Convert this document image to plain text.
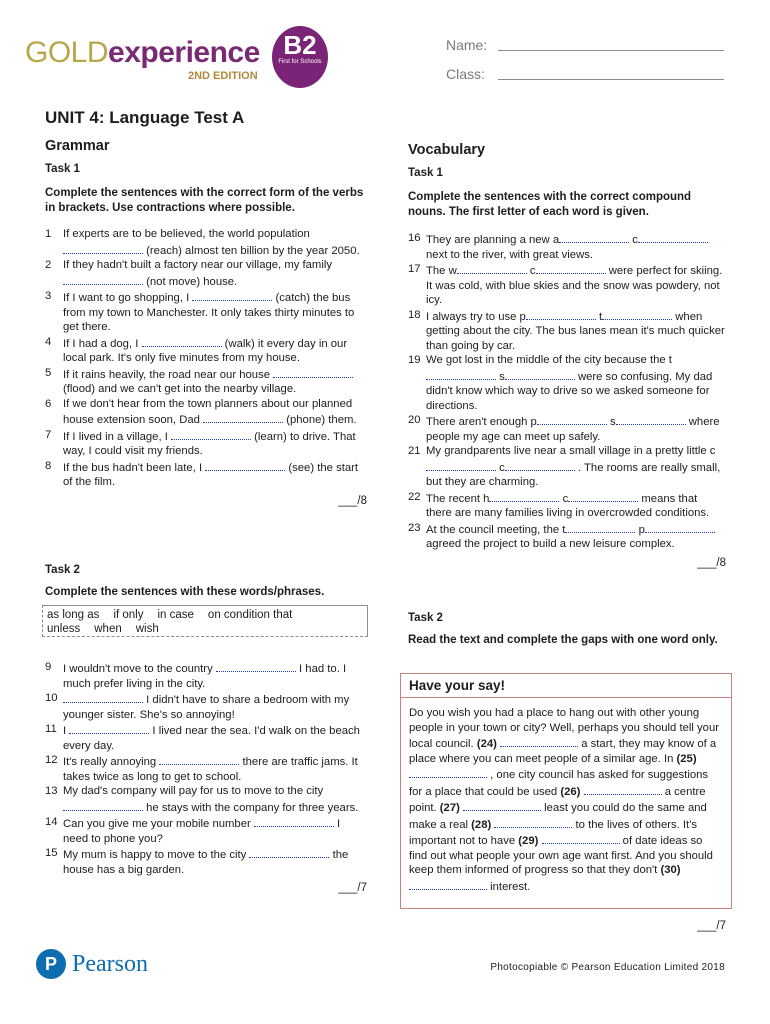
GOLDexperience
2ND EDITION
B2
First for Schools
Name:
Class:
UNIT 4: Language Test A
Grammar
Task 1
Complete the sentences with the correct form of the verbs in brackets. Use contractions where possible.
1 If experts are to be believed, the world population  (reach) almost ten billion by the year 2050.
2 If they hadn't built a factory near our village, my family  (not move) house.
3 If I want to go shopping, I	(catch) the bus from my town to Manchester. It only takes thirty minutes to get there.
4 If I had a dog, I	(walk) it every day in our local park. It's only five minutes from my house.
5 If it rains heavily, the road near our house  (flood) and we can't get into the nearby village.
6 If we don't hear from the town planners about our planned house extension soon, Dad	(phone) them.
7 If I lived in a village, I	(learn) to drive. That way, I could visit my friends.
8 If the bus hadn't been late, I	(see) the start of the film.
___/8
Task 2
Complete the sentences with these words/phrases.
as long as if only in case on condition that
unless when wish
9 I wouldn't move to the country	I had to. I much prefer living in the city.
10	I didn't have to share a bedroom with my younger sister. She's so annoying!
11 I	I lived near the sea. I'd walk on the beach every day.
12 It's really annoying	there are traffic jams. It takes twice as long to get to school.
13 My dad's company will pay for us to move to the city  he stays with the company for three years.
14 Can you give me your mobile number	I need to phone you?
15 My mum is happy to move to the city	the house has a big garden.
___/7
Vocabulary
Task 1
Complete the sentences with the correct compound nouns. The first letter of each word is given.
16 They are planning a new a	c next to the river, with great views.
17 The w	c	were perfect for skiing. It was cold, with blue skies and the snow was powdery, not icy.
18 I always try to use p	t	when getting about the city. The bus lanes mean it's much quicker than going by car.
19 We got lost in the middle of the city because the t s	were so confusing. My dad didn't know which way to drive so we asked someone for directions.
20 There aren't enough p	s	where people my age can meet up safely.
21 My grandparents live near a small village in a pretty little c c	. The rooms are really small, but they are charming.
22 The recent h	c	means that there are many families living in overcrowded conditions.
23 At the council meeting, the t	p agreed the project to build a new leisure complex.
___/8
Task 2
Read the text and complete the gaps with one word only.
Have your say!
Do you wish you had a place to hang out with other young people in your town or city? Well, perhaps you should tell your local council. (24)	a start, they may know of a place where you can meet people of a similar age. In (25)  , one city council has asked for suggestions for a place that could be used (26)	a centre point. (27)	least you could do the same and make a real (28)	to the lives of others. It's important not to have (29)	of date ideas so find out what people your own age want first. And you should keep them informed of progress so that they don't (30)  interest.
___/7
P Pearson	Photocopiable © Pearson Education Limited 2018
